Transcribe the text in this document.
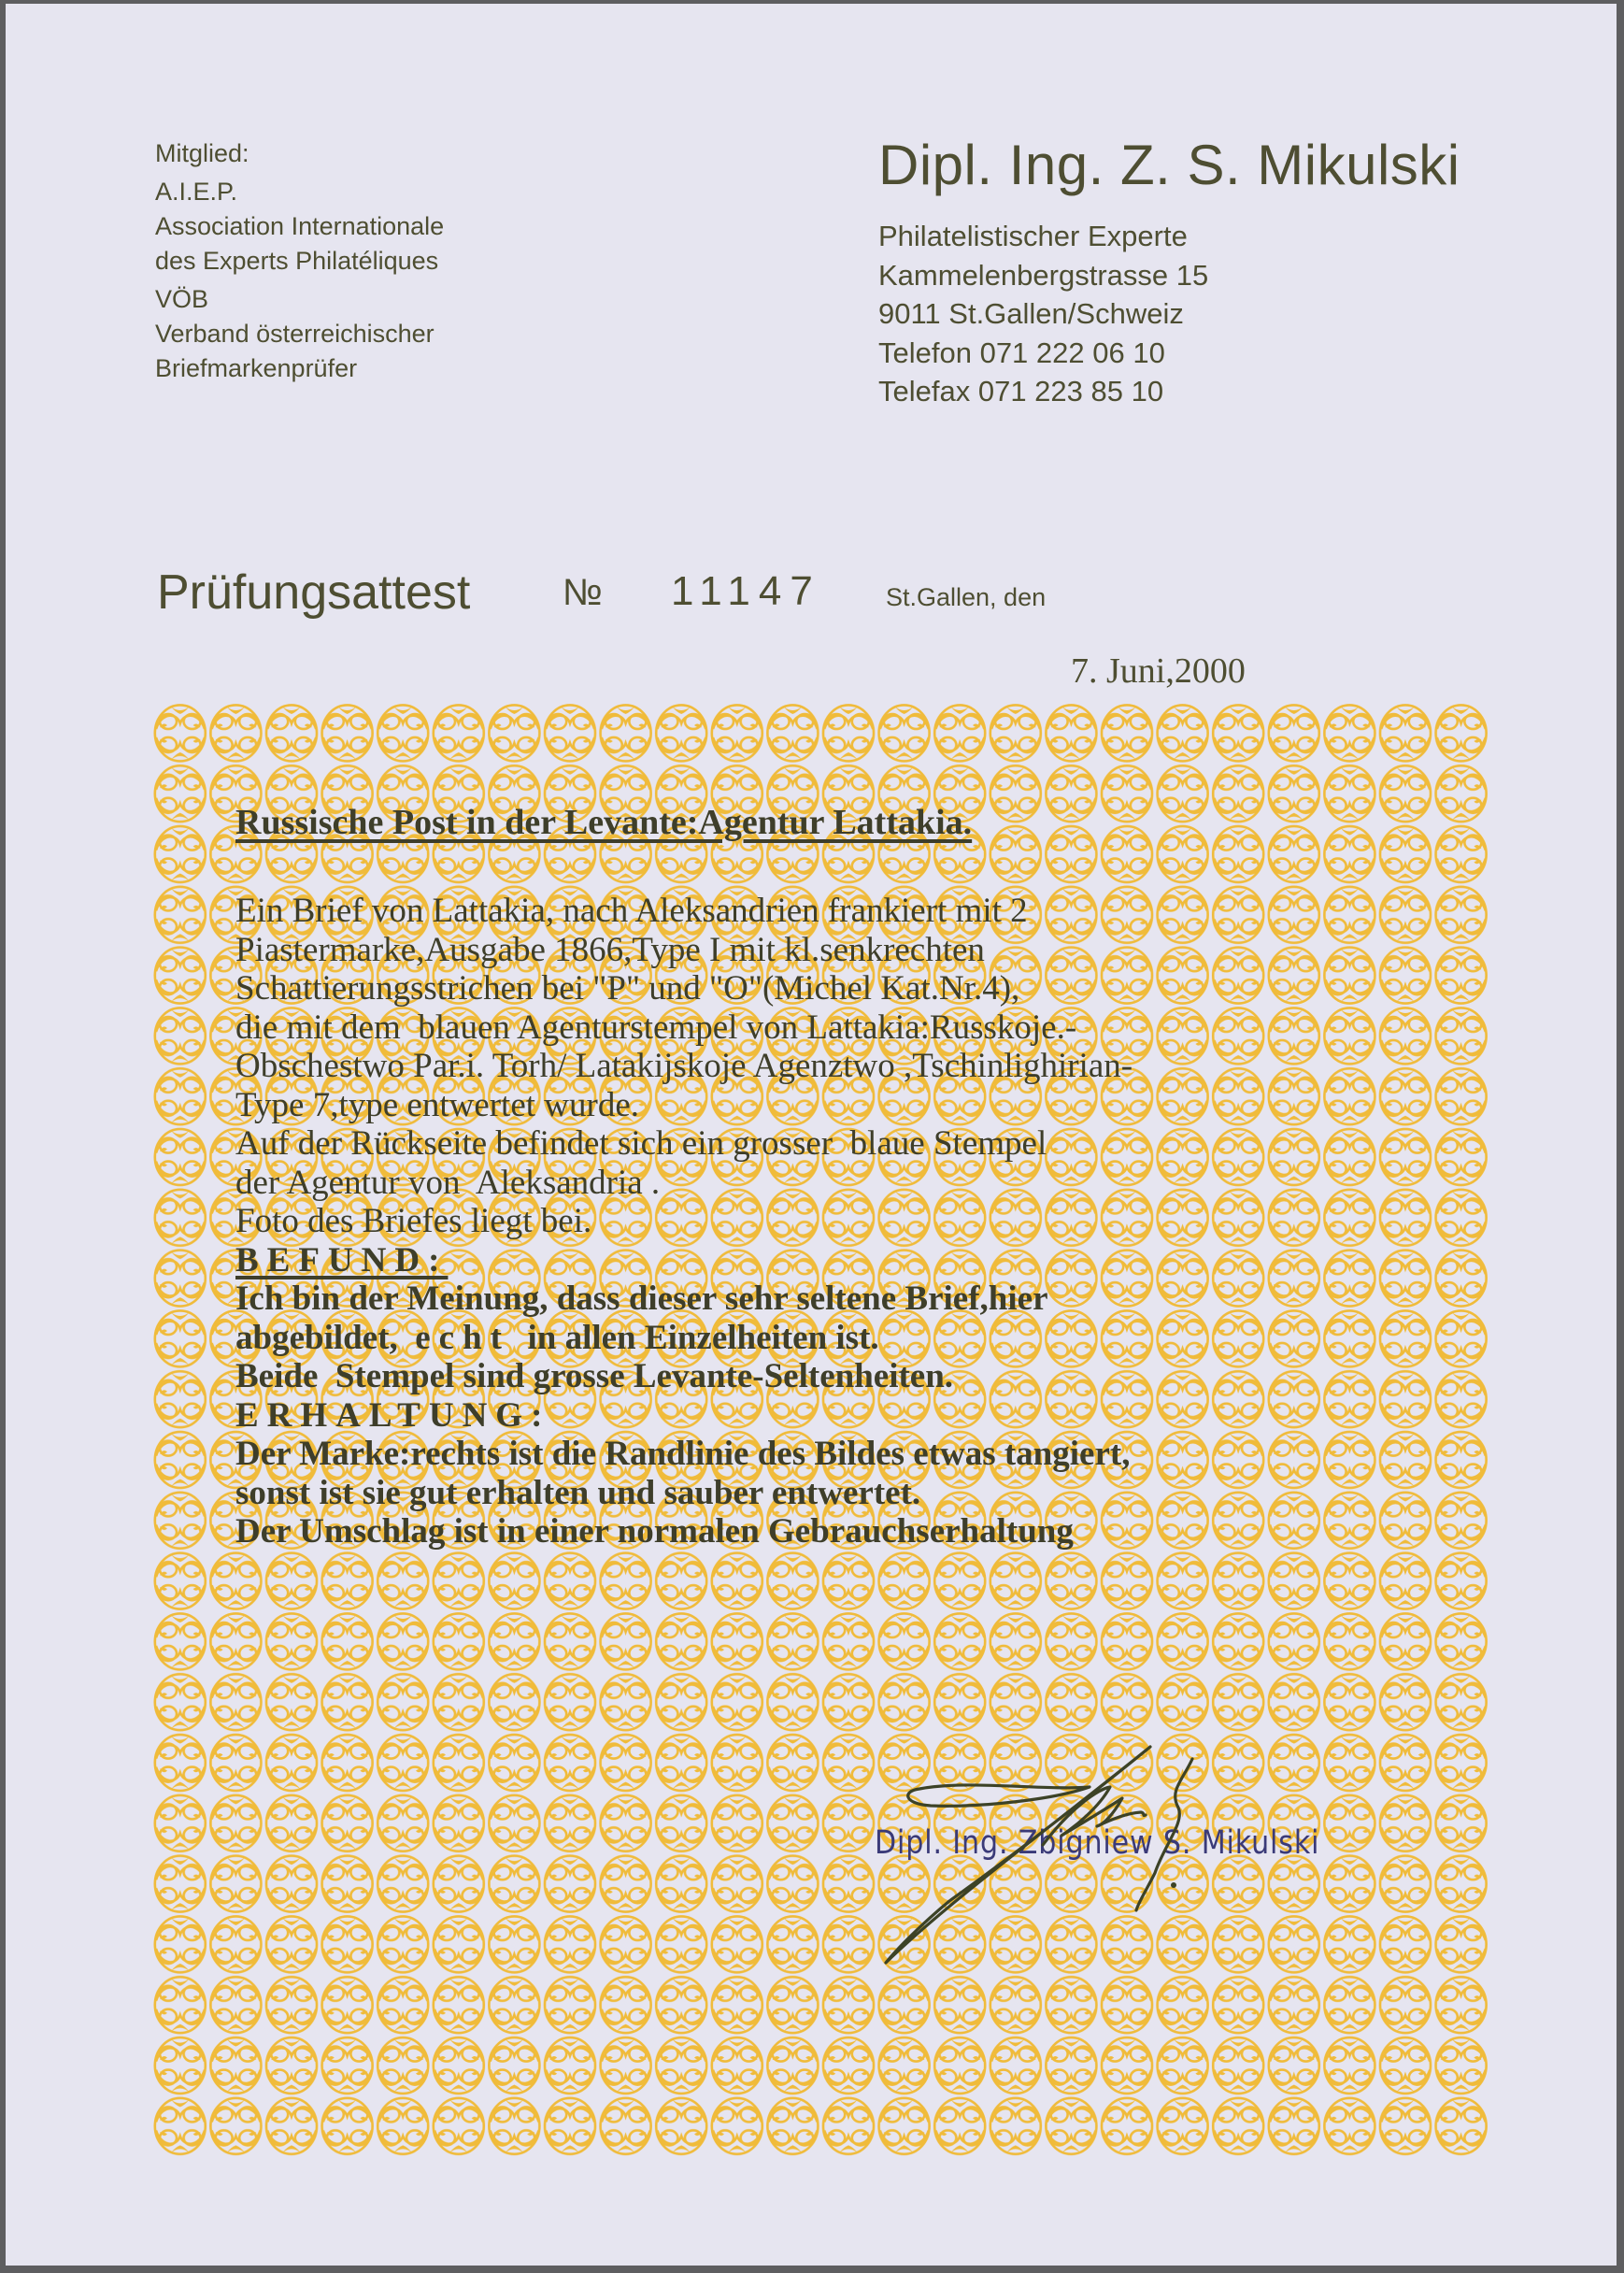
Mitglied:
A.I.E.P.
Association Internationale
des Experts Philatéliques
VÖB
Verband österreichischer
Briefmarkenprüfer
Dipl. Ing. Z. S. Mikulski
Philatelistischer Experte
Kammelenbergstrasse 15
9011 St.Gallen/Schweiz
Telefon 071 222 06 10
Telefax 071 223 85 10
Prüfungsattest № 11147	St.Gallen, den
7. Juni,2000
Russische Post in der Levante:Agentur Lattakia.
Ein Brief von Lattakia, nach Aleksandrien frankiert mit 2
Piastermarke,Ausgabe 1866,Type I mit kl.senkrechten
Schattierungsstrichen bei "P" und "O"(Michel Kat.Nr.4),
die mit dem  blauen Agenturstempel von Lattakia:Russkoje.-
Obschestwo Par.i. Torh/ Latakijskoje Agenztwo ,Tschinlighirian-
Type 7,type entwertet wurde.
Auf der Rückseite befindet sich ein grosser  blaue Stempel
der Agentur von  Aleksandria .
Foto des Briefes liegt bei.
BEFUND:
Ich bin der Meinung, dass dieser sehr seltene Brief,hier
abgebildet,  echt  in allen Einzelheiten ist.
Beide  Stempel sind grosse Levante-Seltenheiten.
ERHALTUNG:
Der Marke:rechts ist die Randlinie des Bildes etwas tangiert,
sonst ist sie gut erhalten und sauber entwertet.
Der Umschlag ist in einer normalen Gebrauchserhaltung
Dipl. Ing. Zbigniew S. Mikulski
